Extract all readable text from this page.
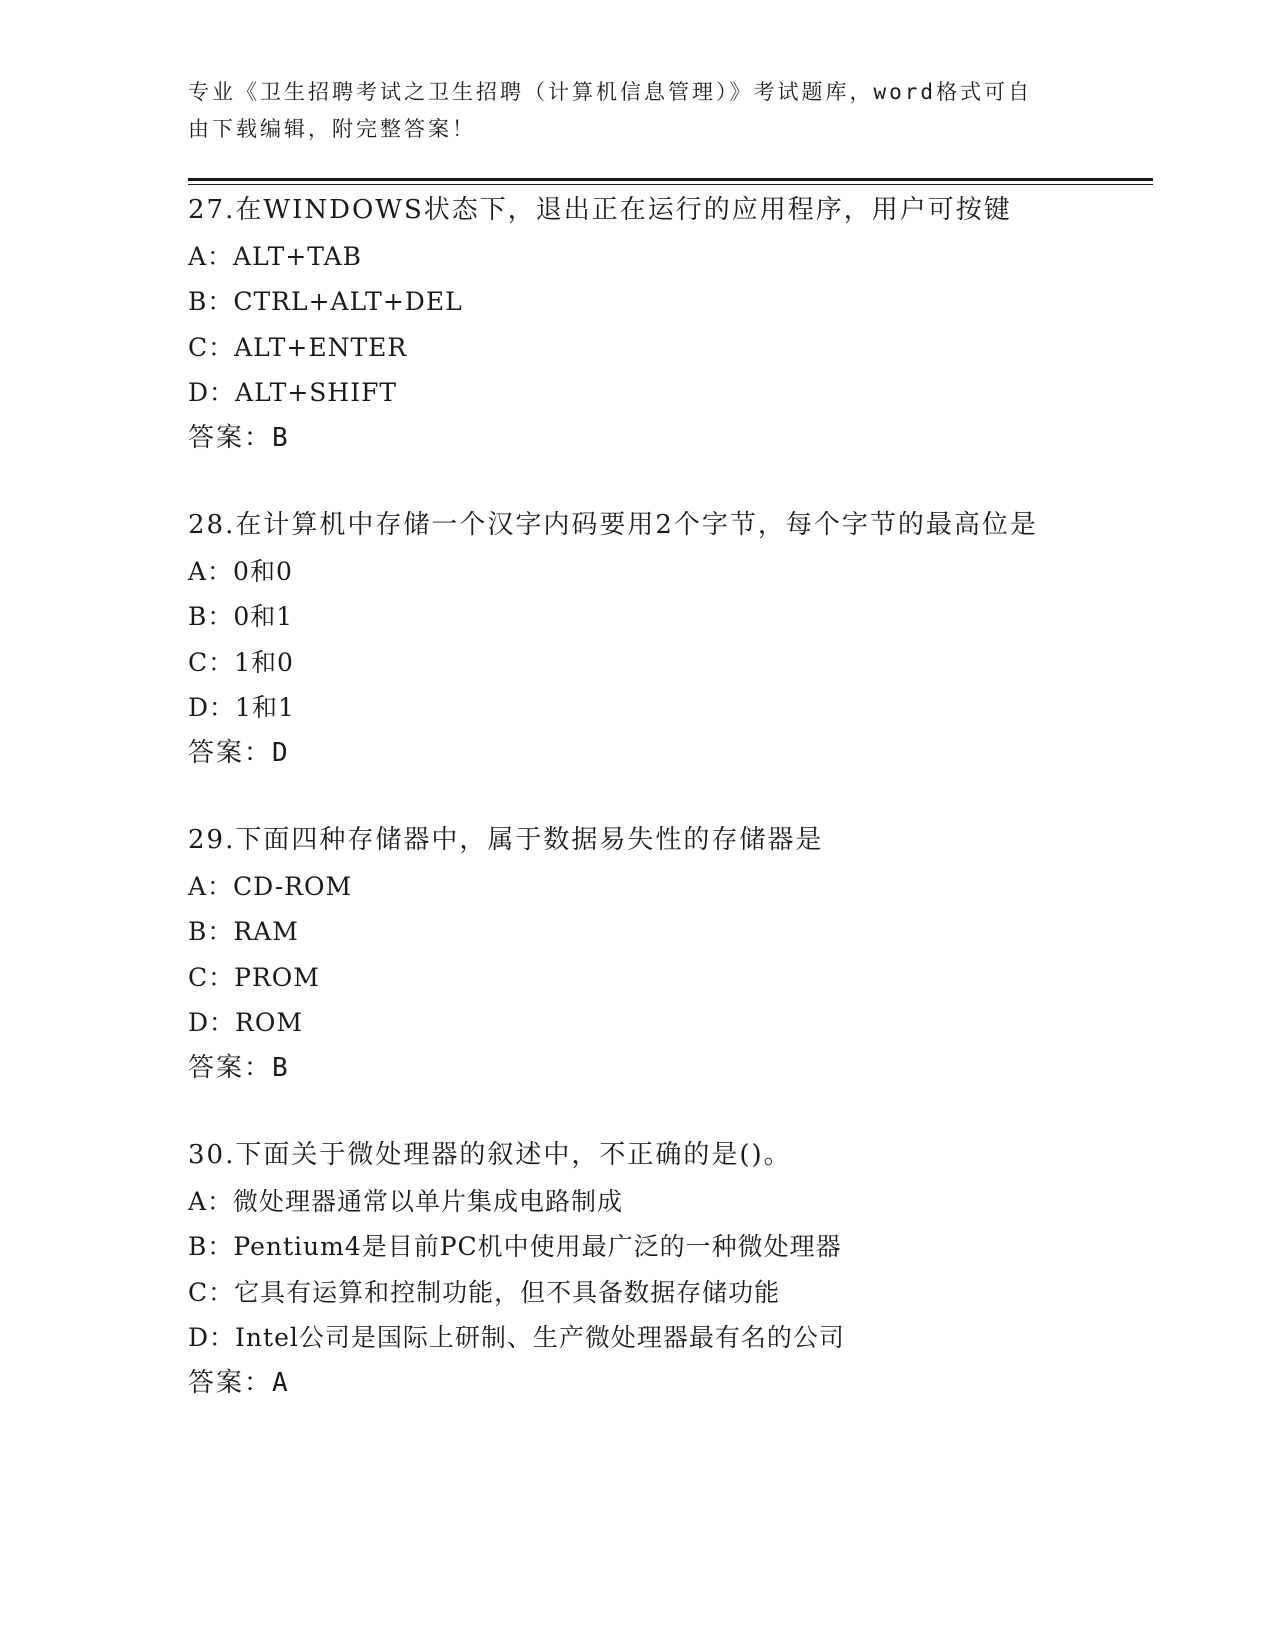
专业《卫生招聘考试之卫生招聘（计算机信息管理）》考试题库，word格式可自
由下载编辑，附完整答案！
27.在WINDOWS状态下，退出正在运行的应用程序，用户可按键
A：ALT+TAB
B：CTRL+ALT+DEL
C：ALT+ENTER
D：ALT+SHIFT
答案：B
28.在计算机中存储一个汉字内码要用2个字节，每个字节的最高位是
A：0和0
B：0和1
C：1和0
D：1和1
答案：D
29.下面四种存储器中，属于数据易失性的存储器是
A：CD-ROM
B：RAM
C：PROM
D：ROM
答案：B
30.下面关于微处理器的叙述中，不正确的是()。
A：微处理器通常以单片集成电路制成
B：Pentium4是目前PC机中使用最广泛的一种微处理器
C：它具有运算和控制功能，但不具备数据存储功能
D：Intel公司是国际上研制、生产微处理器最有名的公司
答案：A
